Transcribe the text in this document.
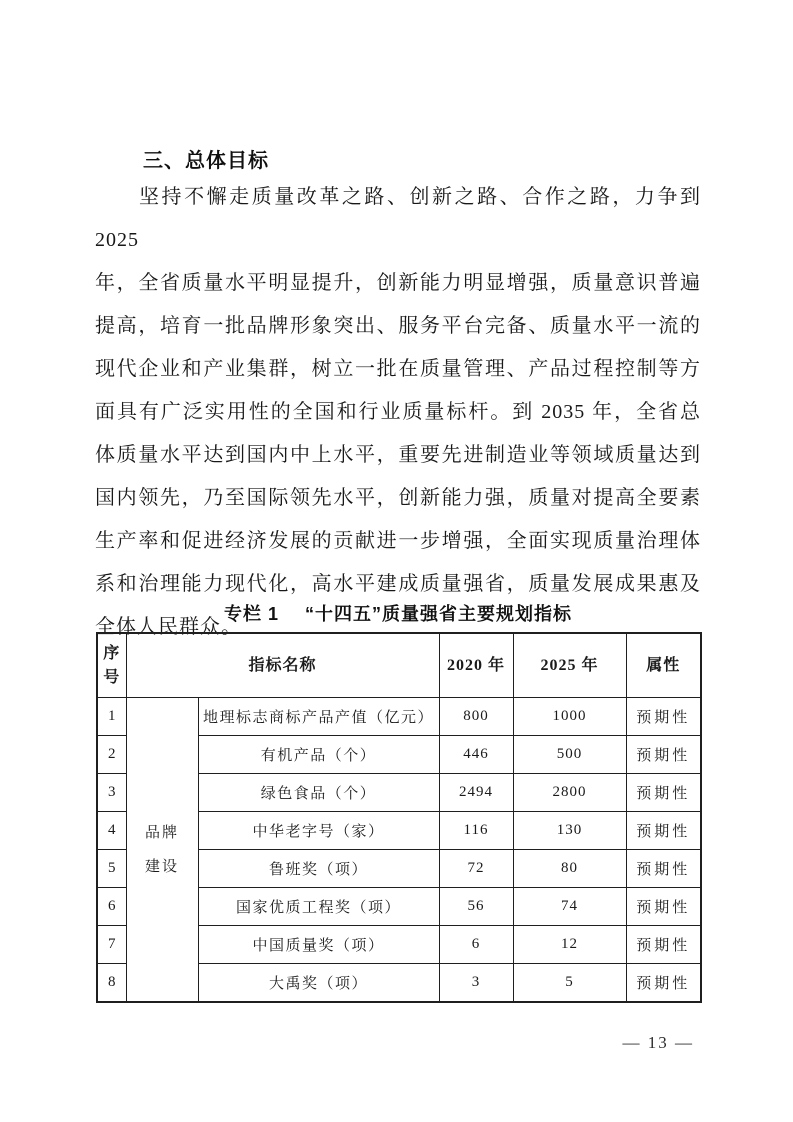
三、总体目标
坚持不懈走质量改革之路、创新之路、合作之路，力争到 2025
年，全省质量水平明显提升，创新能力明显增强，质量意识普遍
提高，培育一批品牌形象突出、服务平台完备、质量水平一流的
现代企业和产业集群，树立一批在质量管理、产品过程控制等方
面具有广泛实用性的全国和行业质量标杆。到 2035 年，全省总
体质量水平达到国内中上水平，重要先进制造业等领域质量达到
国内领先，乃至国际领先水平，创新能力强，质量对提高全要素
生产率和促进经济发展的贡献进一步增强，全面实现质量治理体
系和治理能力现代化，高水平建成质量强省，质量发展成果惠及
全体人民群众。
专栏 1 “十四五”质量强省主要规划指标
序号	指标名称		2020 年	2025 年	属性
1	品牌建设	地理标志商标产品产值（亿元）	800	1000	预期性
2		有机产品（个）	446	500	预期性
3		绿色食品（个）	2494	2800	预期性
4		中华老字号（家）	116	130	预期性
5		鲁班奖（项）	72	80	预期性
6		国家优质工程奖（项）	56	74	预期性
7		中国质量奖（项）	6	12	预期性
8		大禹奖（项）	3	5	预期性
— 13 —
